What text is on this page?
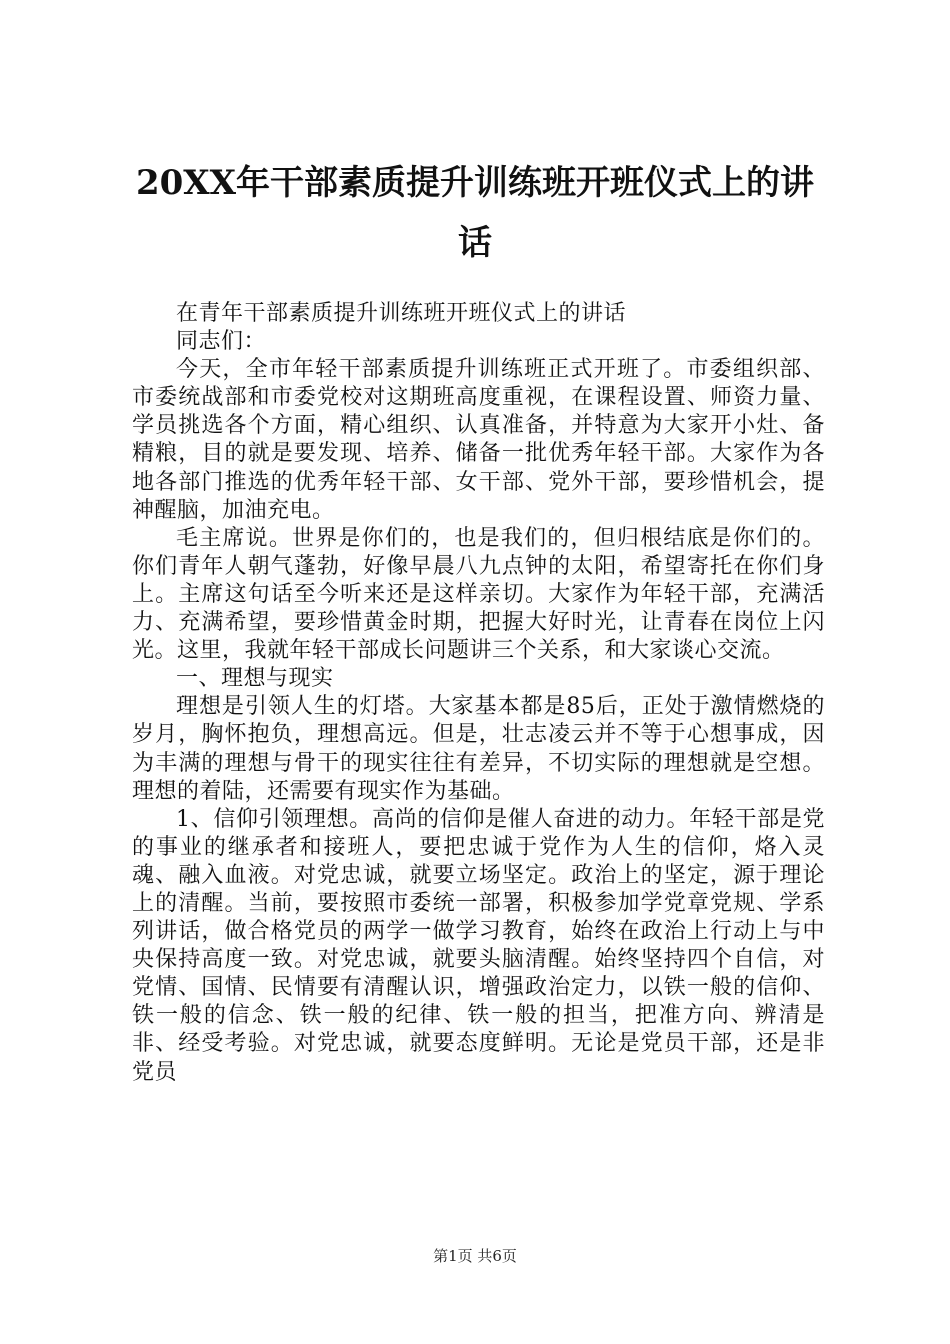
20XX年干部素质提升训练班开班仪式上的讲
话

在青年干部素质提升训练班开班仪式上的讲话

同志们：

今天，全市年轻干部素质提升训练班正式开班了。市委组织部、市委统战部和市委党校对这期班高度重视，在课程设置、师资力量、学员挑选各个方面，精心组织、认真准备，并特意为大家开小灶、备精粮，目的就是要发现、培养、储备一批优秀年轻干部。大家作为各地各部门推选的优秀年轻干部、女干部、党外干部，要珍惜机会，提神醒脑，加油充电。

毛主席说。世界是你们的，也是我们的，但归根结底是你们的。你们青年人朝气蓬勃，好像早晨八九点钟的太阳，希望寄托在你们身上。主席这句话至今听来还是这样亲切。大家作为年轻干部，充满活力、充满希望，要珍惜黄金时期，把握大好时光，让青春在岗位上闪光。这里，我就年轻干部成长问题讲三个关系，和大家谈心交流。

一、理想与现实

理想是引领人生的灯塔。大家基本都是85后，正处于激情燃烧的岁月，胸怀抱负，理想高远。但是，壮志凌云并不等于心想事成，因为丰满的理想与骨干的现实往往有差异，不切实际的理想就是空想。理想的着陆，还需要有现实作为基础。

1、信仰引领理想。高尚的信仰是催人奋进的动力。年轻干部是党的事业的继承者和接班人，要把忠诚于党作为人生的信仰，烙入灵魂、融入血液。对党忠诚，就要立场坚定。政治上的坚定，源于理论上的清醒。当前，要按照市委统一部署，积极参加学党章党规、学系列讲话，做合格党员的两学一做学习教育，始终在政治上行动上与中央保持高度一致。对党忠诚，就要头脑清醒。始终坚持四个自信，对党情、国情、民情要有清醒认识，增强政治定力，以铁一般的信仰、铁一般的信念、铁一般的纪律、铁一般的担当，把准方向、辨清是非、经受考验。对党忠诚，就要态度鲜明。无论是党员干部，还是非党员

第1页 共6页
